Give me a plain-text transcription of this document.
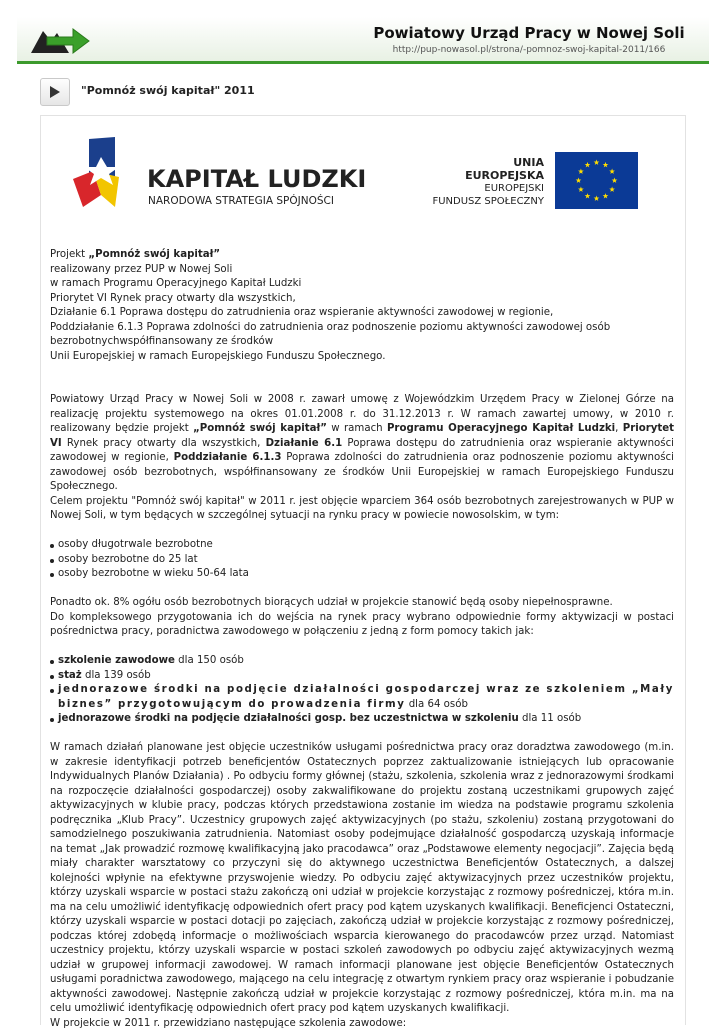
Powiatowy Urząd Pracy w Nowej Soli
http://pup-nowasol.pl/strona/-pomnoz-swoj-kapital-2011/166
"Pomnóż swój kapitał" 2011
KAPITAŁ LUDZKI
NARODOWA STRATEGIA SPÓJNOŚCI
UNIA EUROPEJSKA
EUROPEJSKI
FUNDUSZ SPOŁECZNY

Projekt „Pomnóż swój kapitał”

realizowany przez PUP w Nowej Soli

w ramach Programu Operacyjnego Kapitał Ludzki

Priorytet VI Rynek pracy otwarty dla wszystkich,

Działanie 6.1 Poprawa dostępu do zatrudnienia oraz wspieranie aktywności zawodowej w regionie,

Poddziałanie 6.1.3 Poprawa zdolności do zatrudnienia oraz podnoszenie poziomu aktywności zawodowej osób

bezrobotnychwspółfinansowany ze środków

Unii Europejskiej w ramach Europejskiego Funduszu Społecznego.

Powiatowy Urząd Pracy w Nowej Soli w 2008 r. zawarł umowę z Wojewódzkim Urzędem Pracy w Zielonej Górze na realizację projektu systemowego na okres 01.01.2008 r. do 31.12.2013 r. W ramach zawartej umowy, w 2010 r. realizowany będzie projekt „Pomnóż swój kapitał” w ramach Programu Operacyjnego Kapitał Ludzki, Priorytet VI Rynek pracy otwarty dla wszystkich, Działanie 6.1 Poprawa dostępu do zatrudnienia oraz wspieranie aktywności zawodowej w regionie, Poddziałanie 6.1.3 Poprawa zdolności do zatrudnienia oraz podnoszenie poziomu aktywności zawodowej osób bezrobotnych, współfinansowany ze środków Unii Europejskiej w ramach Europejskiego Funduszu Społecznego.

Celem projektu "Pomnóż swój kapitał" w 2011 r. jest objęcie wparciem 364 osób bezrobotnych zarejestrowanych w PUP w Nowej Soli, w tym będących w szczególnej sytuacji na rynku pracy w powiecie nowosolskim, w tym:

osoby długotrwale bezrobotne
osoby bezrobotne do 25 lat
osoby bezrobotne w wieku 50-64 lata

Ponadto ok. 8% ogółu osób bezrobotnych biorących udział w projekcie stanowić będą osoby niepełnosprawne.

Do kompleksowego przygotowania ich do wejścia na rynek pracy wybrano odpowiednie formy aktywizacji w postaci pośrednictwa pracy, poradnictwa zawodowego w połączeniu z jedną z form pomocy takich jak:

szkolenie zawodowe dla 150 osób
staż dla 139 osób
jednorazowe środki na podjęcie działalności gospodarczej wraz ze szkoleniem „Mały biznes” przygotowującym do prowadzenia firmy dla 64 osób
jednorazowe środki na podjęcie działalności gosp. bez uczestnictwa w szkoleniu dla 11 osób

W ramach działań planowane jest objęcie uczestników usługami pośrednictwa pracy oraz doradztwa zawodowego (m.in. w zakresie identyfikacji potrzeb beneficjentów Ostatecznych poprzez zaktualizowanie istniejących lub opracowanie Indywidualnych Planów Działania) . Po odbyciu formy głównej (stażu, szkolenia, szkolenia wraz z jednorazowymi środkami na rozpoczęcie działalności gospodarczej) osoby zakwalifikowane do projektu zostaną uczestnikami grupowych zajęć aktywizacyjnych w klubie pracy, podczas których przedstawiona zostanie im wiedza na podstawie programu szkolenia podręcznika „Klub Pracy”. Uczestnicy grupowych zajęć aktywizacyjnych (po stażu, szkoleniu) zostaną przygotowani do samodzielnego poszukiwania zatrudnienia. Natomiast osoby podejmujące działalność gospodarczą uzyskają informacje na temat „Jak prowadzić rozmowę kwalifikacyjną jako pracodawca” oraz „Podstawowe elementy negocjacji”. Zajęcia będą miały charakter warsztatowy co przyczyni się do aktywnego uczestnictwa Beneficjentów Ostatecznych, a dalszej kolejności wpłynie na efektywne przyswojenie wiedzy. Po odbyciu zajęć aktywizacyjnych przez uczestników projektu, którzy uzyskali wsparcie w postaci stażu zakończą oni udział w projekcie korzystając z rozmowy pośredniczej, która m.in. ma na celu umożliwić identyfikację odpowiednich ofert pracy pod kątem uzyskanych kwalifikacji. Beneficjenci Ostateczni, którzy uzyskali wsparcie w postaci dotacji po zajęciach, zakończą udział w projekcie korzystając z rozmowy pośredniczej, podczas której zdobędą informacje o możliwościach wsparcia kierowanego do pracodawców przez urząd. Natomiast uczestnicy projektu, którzy uzyskali wsparcie w postaci szkoleń zawodowych po odbyciu zajęć aktywizacyjnych wezmą udział w grupowej informacji zawodowej. W ramach informacji planowane jest objęcie Beneficjentów Ostatecznych usługami poradnictwa zawodowego, mającego na celu integrację z otwartym rynkiem pracy oraz wspieranie i pobudzanie aktywności zawodowej. Następnie zakończą udział w projekcie korzystając z rozmowy pośredniczej, która m.in. ma na celu umożliwić identyfikację odpowiednich ofert pracy pod kątem uzyskanych kwalifikacji.

W projekcie w 2011 r. przewidziano następujące szkolenia zawodowe:
